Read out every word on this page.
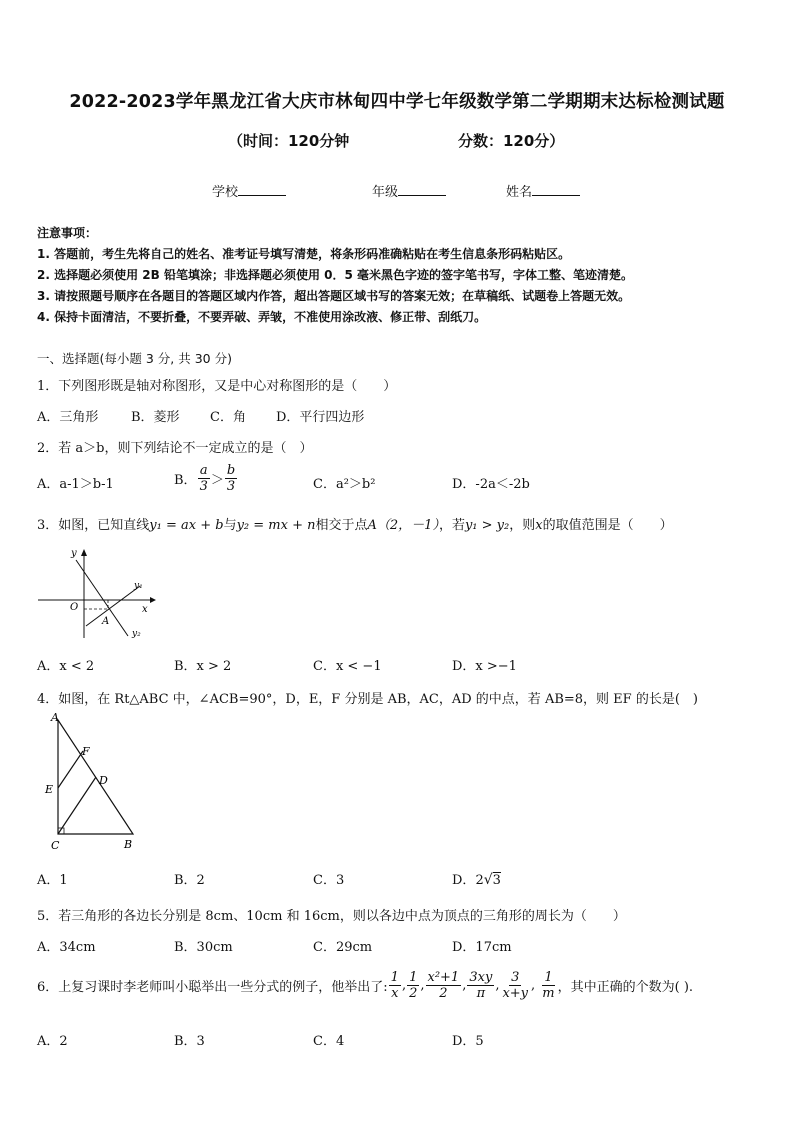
2022-2023学年黑龙江省大庆市林甸四中学七年级数学第二学期期末达标检测试题
（时间：120分钟	分数：120分）
学校	年级	姓名
注意事项：
1. 答题前，考生先将自己的姓名、准考证号填写清楚，将条形码准确粘贴在考生信息条形码粘贴区。
2. 选择题必须使用 2B 铅笔填涂；非选择题必须使用 0．5 毫米黑色字迹的签字笔书写，字体工整、笔迹清楚。
3. 请按照题号顺序在各题目的答题区域内作答，超出答题区域书写的答案无效；在草稿纸、试题卷上答题无效。
4. 保持卡面清洁，不要折叠，不要弄破、弄皱，不准使用涂改液、修正带、刮纸刀。
一、选择题(每小题 3 分, 共 30 分)
1．下列图形既是轴对称图形，又是中心对称图形的是（　　）
A．三角形	B．菱形 C．角 D．平行四边形
2．若 a＞b，则下列结论不一定成立的是（　）
A．a-1＞b-1	B． $\frac{a}{3} > \frac{b}{3}$	C．a²＞b²	D．-2a＜-2b
3．如图，已知直线y₁ = ax + b与y₂ = mx + n相交于点A（2，－1），若y₁ > y₂，则x的取值范围是（　　）
y
x
O
A
y₁
y₂
A．x < 2	B．x > 2	C．x < −1	D．x >−1
4．如图，在 Rt△ABC 中，∠ACB=90°，D，E，F 分别是 AB，AC，AD 的中点，若 AB=8，则 EF 的长是(　)
A
F
E
D
C	B
A．1	B．2	C．3	D．2√3
5．若三角形的各边长分别是 8cm、10cm 和 16cm，则以各边中点为顶点的三角形的周长为（　　）
A．34cm	B．30cm	C．29cm	D．17cm
6．上复习课时李老师叫小聪举出一些分式的例子，他举出了: $\frac{1}{x}$ , $\frac{1}{2}$ , $\frac{\text{x²+1}}{2}$ , $\frac{3xy}{\pi}$ , $\frac{3}{x+y}$ , $\frac{1}{m}$ ，其中正确的个数为( ).
A．2	B．3	C．4	D．5
